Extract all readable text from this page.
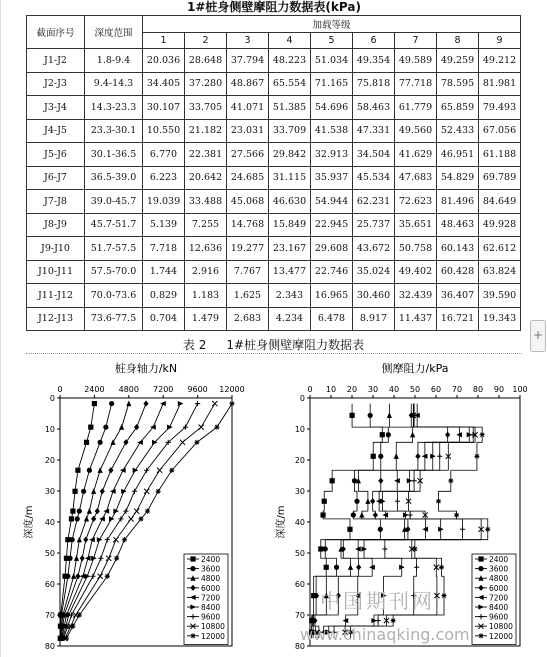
1#桩身侧壁摩阻力数据表(kPa)
截面序号	深度范围	加载等级								
		1	2	3	4	5	6	7	8	9
J1-J2	1.8-9.4	20.036	28.648	37.794	48.223	51.034	49.354	49.589	49.259	49.212
J2-J3	9.4-14.3	34.405	37.280	48.867	65.554	71.165	75.818	77.718	78.595	81.981
J3-J4	14.3-23.3	30.107	33.705	41.071	51.385	54.696	58.463	61.779	65.859	79.493
J4-J5	23.3-30.1	10.550	21.182	23.031	33.709	41.538	47.331	49.560	52.433	67.056
J5-J6	30.1-36.5	6.770	22.381	27.566	29.842	32.913	34.504	41.629	46.951	61.188
J6-J7	36.5-39.0	6.223	20.642	24.685	31.115	35.937	45.534	47.683	54.829	69.789
J7-J8	39.0-45.7	19.039	33.488	45.068	46.630	54.944	62.231	72.623	81.496	84.649
J8-J9	45.7-51.7	5.139	7.255	14.768	15.849	22.945	25.737	35.651	48.463	49.928
J9-J10	51.7-57.5	7.718	12.636	19.277	23.167	29.608	43.672	50.758	60.143	62.612
J10-J11	57.5-70.0	1.744	2.916	7.767	13.477	22.746	35.024	49.402	60.428	63.824
J11-J12	70.0-73.6	0.829	1.183	1.625	2.343	16.965	30.460	32.439	36.407	39.590
J12-J13	73.6-77.5	0.704	1.479	2.683	4.234	6.478	8.917	11.437	16.721	19.343
表 2 1#桩身侧壁摩阻力数据表
+
桩身轴力/kN
0	2400 4800 7200 9600 12000
0
10
20
30
40
50
60
70
80
深度/m
2400
3600
4800
6000
7200
8400
9600
10800
12000
侧摩阻力/kPa
0 10 20 30 40 50 60 70 80 90 100
0
10
20
30
40
50
60
70
80
深度/m
2400
3600
4800
6000
7200
8400
9600
10800
12000
中国期刊网
www.chinaqking.com
